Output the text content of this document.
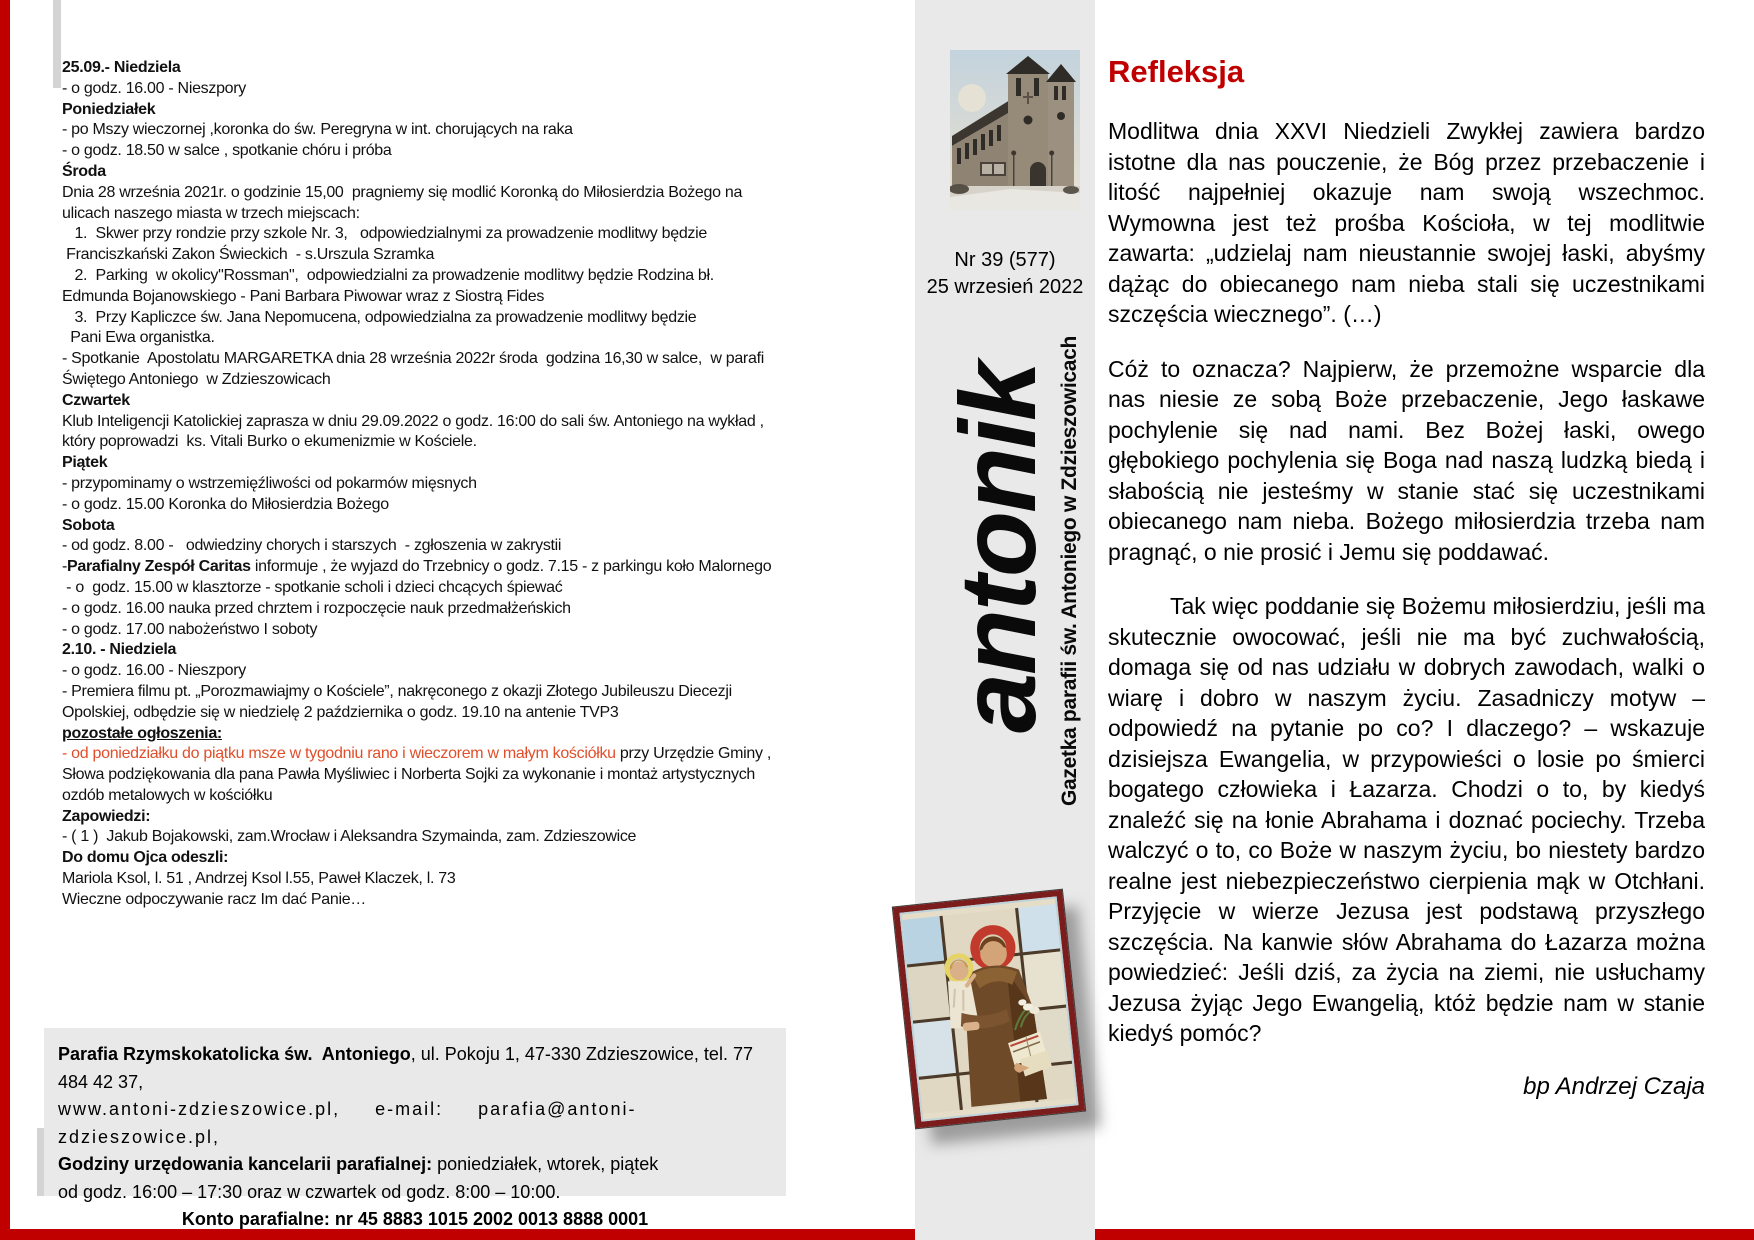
Nr 39 (577)
25 wrzesień 2022
antonik Gazetka parafii św. Antoniego w Zdzieszowicach
25.09.- Niedziela
- o godz. 16.00 - Nieszpory
Poniedziałek
- po Mszy wieczornej ,koronka do św. Peregryna w int. chorujących na raka
- o godz. 18.50 w salce , spotkanie chóru i próba
Środa
Dnia 28 września 2021r. o godzinie 15,00  pragniemy się modlić Koronką do Miłosierdzia Bożego na ulicach naszego miasta w trzech miejscach:
1.  Skwer przy rondzie przy szkole Nr. 3,   odpowiedzialnymi za prowadzenie modlitwy będzie
Franciszkański Zakon Świeckich  - s.Urszula Szramka
2.  Parking  w okolicy"Rossman",  odpowiedzialni za prowadzenie modlitwy będzie Rodzina bł. Edmunda Bojanowskiego - Pani Barbara Piwowar wraz z Siostrą Fides
3.  Przy Kapliczce św. Jana Nepomucena, odpowiedzialna za prowadzenie modlitwy będzie
Pani Ewa organistka.
- Spotkanie  Apostolatu MARGARETKA dnia 28 września 2022r środa  godzina 16,30 w salce,  w parafi Świętego Antoniego  w Zdzieszowicach
Czwartek
Klub Inteligencji Katolickiej zaprasza w dniu 29.09.2022 o godz. 16:00 do sali św. Antoniego na wykład , który poprowadzi  ks. Vitali Burko o ekumenizmie w Kościele.
Piątek
- przypominamy o wstrzemięźliwości od pokarmów mięsnych
- o godz. 15.00 Koronka do Miłosierdzia Bożego
Sobota
- od godz. 8.00 -   odwiedziny chorych i starszych  - zgłoszenia w zakrystii
-Parafialny Zespół Caritas informuje , że wyjazd do Trzebnicy o godz. 7.15 - z parkingu koło Malornego
- o  godz. 15.00 w klasztorze - spotkanie scholi i dzieci chcących śpiewać
- o godz. 16.00 nauka przed chrztem i rozpoczęcie nauk przedmałżeńskich
- o godz. 17.00 nabożeństwo I soboty
2.10. - Niedziela
- o godz. 16.00 - Nieszpory
- Premiera filmu pt. „Porozmawiajmy o Kościele”, nakręconego z okazji Złotego Jubileuszu Diecezji Opolskiej, odbędzie się w niedzielę 2 października o godz. 19.10 na antenie TVP3
pozostałe ogłoszenia:
- od poniedziałku do piątku msze w tygodniu rano i wieczorem w małym kościółku przy Urzędzie Gminy ,
Słowa podziękowania dla pana Pawła Myśliwiec i Norberta Sojki za wykonanie i montaż artystycznych ozdób metalowych w kościółku
Zapowiedzi:
- ( 1 )  Jakub Bojakowski, zam.Wrocław i Aleksandra Szymainda, zam. Zdzieszowice
Do domu Ojca odeszli:
Mariola Ksol, l. 51 , Andrzej Ksol l.55, Paweł Klaczek, l. 73
Wieczne odpoczywanie racz Im dać Panie…
Parafia Rzymskokatolicka św.  Antoniego, ul. Pokoju 1, 47-330 Zdzieszowice, tel. 77 484 42 37,
www.antoni-zdzieszowice.pl,     e-mail:     parafia@antoni-zdzieszowice.pl,
Godziny urzędowania kancelarii parafialnej: poniedziałek, wtorek, piątek
od godz. 16:00 – 17:30 oraz w czwartek od godz. 8:00 – 10:00.
Konto parafialne: nr 45 8883 1015 2002 0013 8888 0001
Refleksja

Modlitwa dnia XXVI Niedzieli Zwykłej zawiera bardzo istotne dla nas pouczenie, że Bóg przez przebaczenie i litość najpełniej okazuje nam swoją wszechmoc. Wymowna jest też prośba Kościoła, w tej modlitwie zawarta: „udzielaj nam nieustannie swojej łaski, abyśmy dążąc do obiecanego nam nieba stali się uczestnikami szczęścia wiecznego”. (…)

Cóż to oznacza? Najpierw, że przemożne wsparcie dla nas niesie ze sobą Boże przebaczenie, Jego łaskawe pochylenie się nad nami. Bez Bożej łaski, owego głębokiego pochylenia się Boga nad naszą ludzką biedą i słabością nie jesteśmy w stanie stać się uczestnikami obiecanego nam nieba. Bożego miłosierdzia trzeba nam pragnąć, o nie prosić i Jemu się poddawać.

Tak więc poddanie się Bożemu miłosierdziu, jeśli ma skutecznie owocować, jeśli nie ma być zuchwałością, domaga się od nas udziału w dobrych zawodach, walki o wiarę i dobro w naszym życiu. Zasadniczy motyw – odpowiedź na pytanie po co? I dlaczego? – wskazuje dzisiejsza Ewangelia, w przypowieści o losie po śmierci bogatego człowieka i Łazarza. Chodzi o to, by kiedyś znaleźć się na łonie Abrahama i doznać pociechy. Trzeba walczyć o to, co Boże w naszym życiu, bo niestety bardzo realne jest niebezpieczeństwo cierpienia mąk w Otchłani. Przyjęcie w wierze Jezusa jest podstawą przyszłego szczęścia. Na kanwie słów Abrahama do Łazarza można powiedzieć: Jeśli dziś, za życia na ziemi, nie usłuchamy Jezusa żyjąc Jego Ewangelią, któż będzie nam w stanie kiedyś pomóc?

bp Andrzej Czaja
